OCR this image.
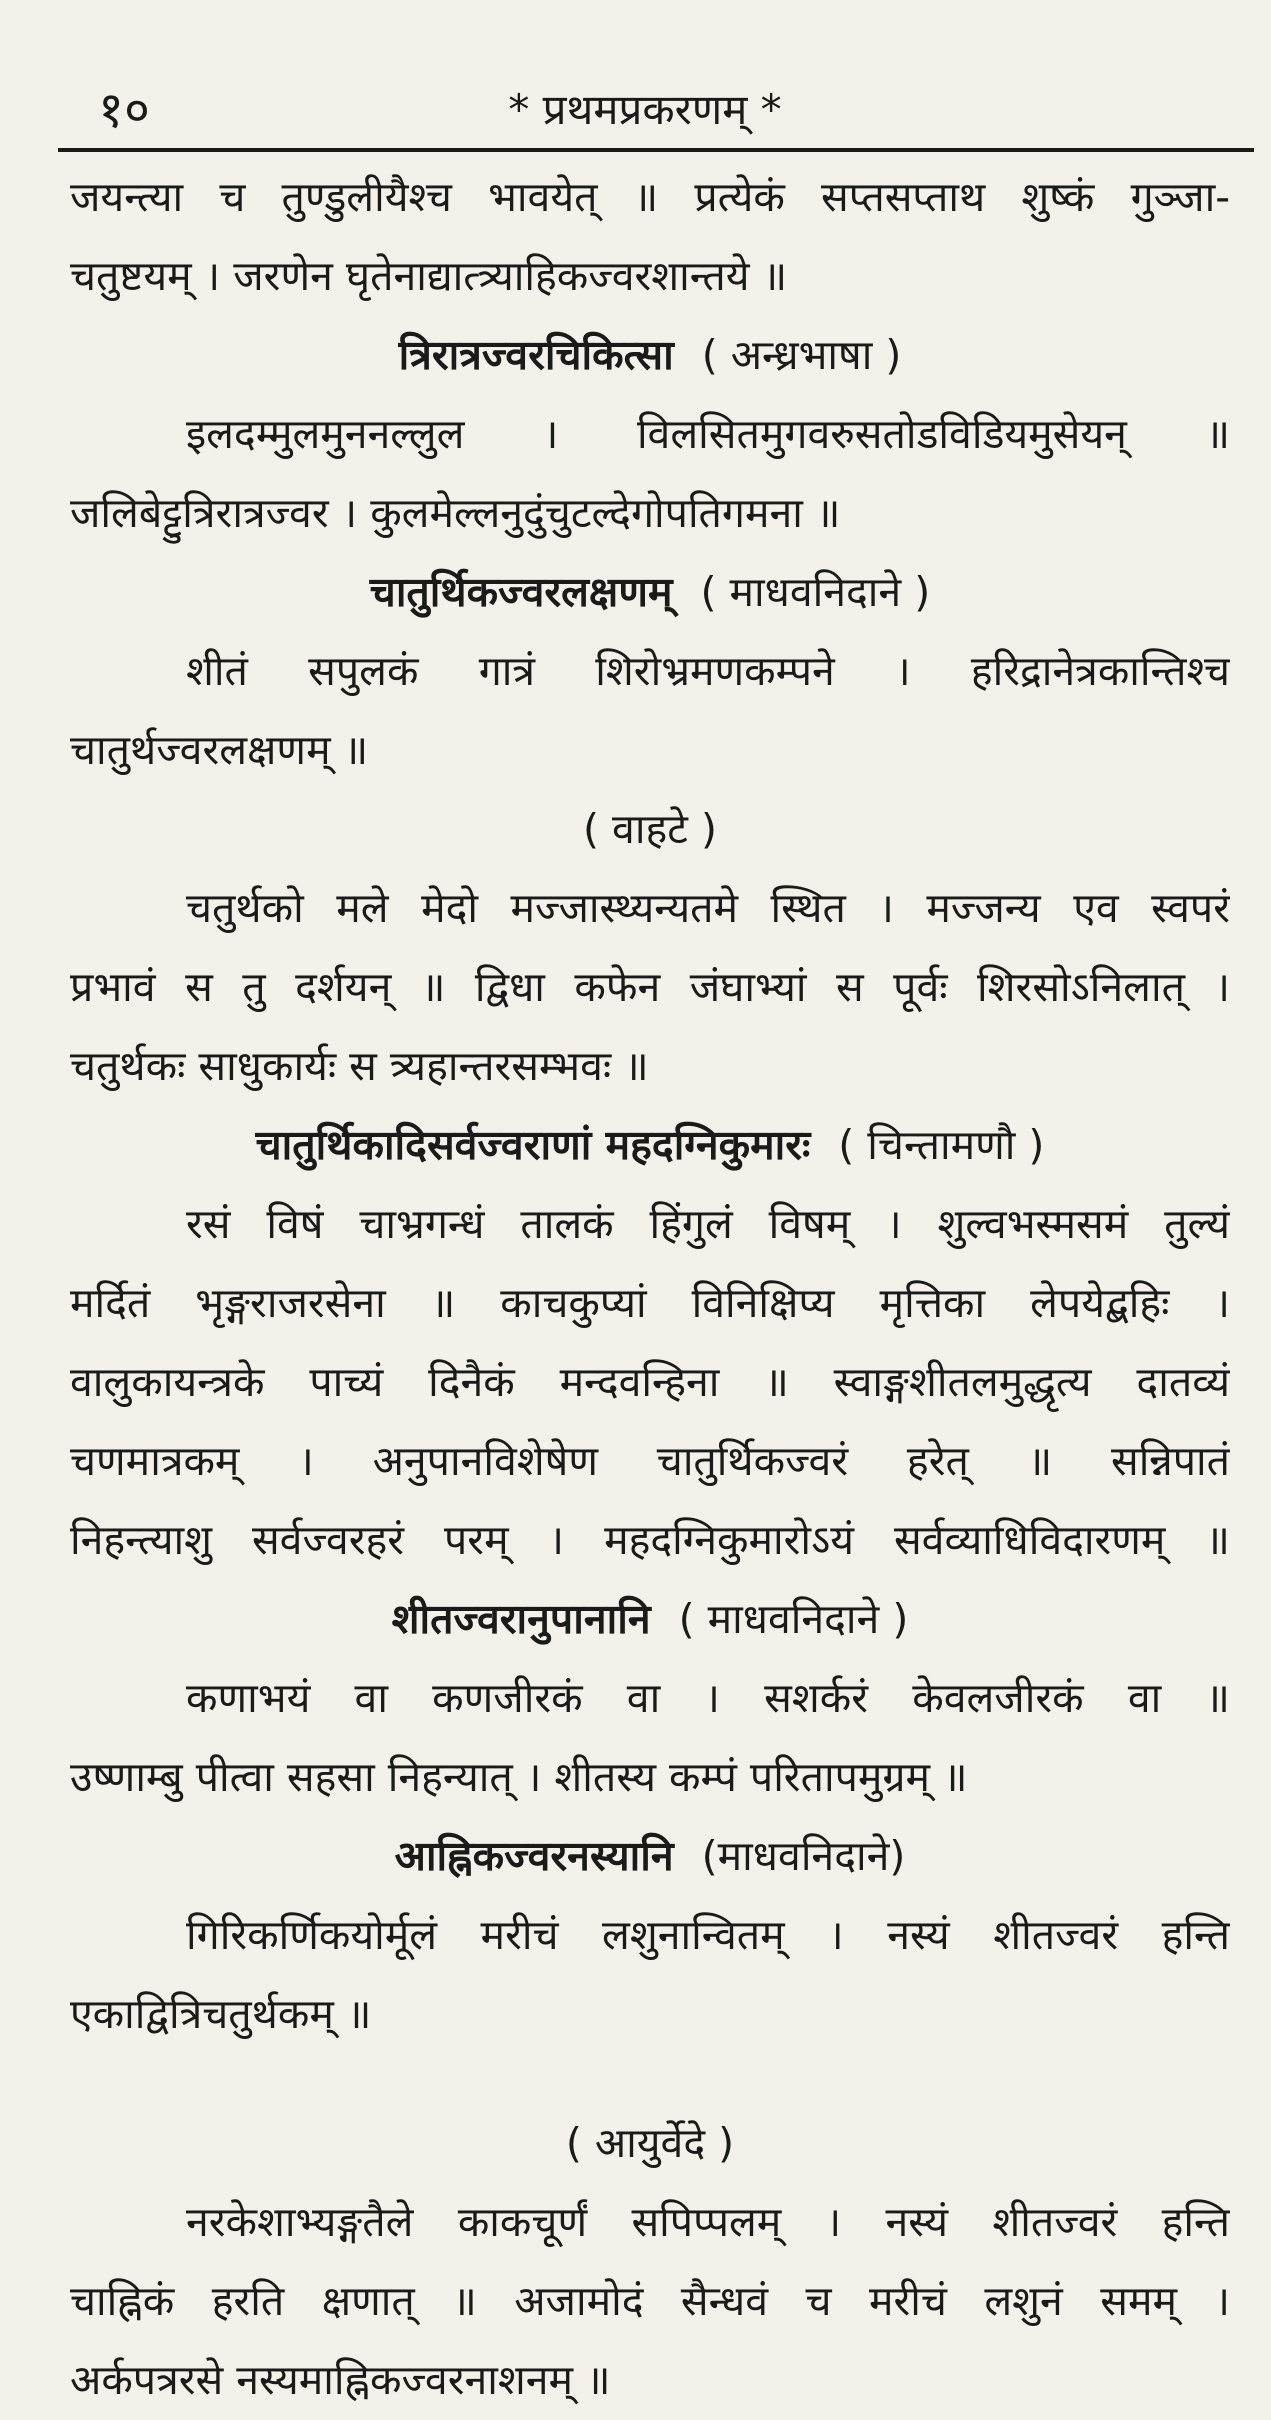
१०	* प्रथमप्रकरणम् *
जयन्त्या च तुण्डुलीयैश्च भावयेत् ॥ प्रत्येकं सप्तसप्ताथ शुष्कं गुञ्जा-
चतुष्टयम् । जरणेन घृतेनाद्यात्त्र्याहिकज्वरशान्तये ॥
त्रिरात्रज्वरचिकित्सा ( अन्ध्रभाषा )
इलदम्मुलमुननल्लुल । विलसितमुगवरुसतोडविडियमुसेयन् ॥
जलिबेट्टुत्रिरात्रज्वर । कुलमेल्लनुदुंचुटल्देगोपतिगमना ॥
चातुर्थिकज्वरलक्षणम् ( माधवनिदाने )
शीतं सपुलकं गात्रं शिरोभ्रमणकम्पने । हरिद्रानेत्रकान्तिश्च
चातुर्थज्वरलक्षणम् ॥
( वाहटे )
चतुर्थको मले मेदो मज्जास्थ्यन्यतमे स्थित । मज्जन्य एव स्वपरं
प्रभावं स तु दर्शयन् ॥ द्विधा कफेन जंघाभ्यां स पूर्वः शिरसोऽनिलात् ।
चतुर्थकः साधुकार्यः स त्र्यहान्तरसम्भवः ॥
चातुर्थिकादिसर्वज्वराणां महदग्निकुमारः ( चिन्तामणौ )
रसं विषं चाभ्रगन्धं तालकं हिंगुलं विषम् । शुल्वभस्मसमं तुल्यं
मर्दितं भृङ्गराजरसेना ॥ काचकुप्यां विनिक्षिप्य मृत्तिका लेपयेद्बहिः ।
वालुकायन्त्रके पाच्यं दिनैकं मन्दवन्हिना ॥ स्वाङ्गशीतलमुद्धृत्य दातव्यं
चणमात्रकम् । अनुपानविशेषेण चातुर्थिकज्वरं हरेत् ॥ सन्निपातं
निहन्त्याशु सर्वज्वरहरं परम् । महदग्निकुमारोऽयं सर्वव्याधिविदारणम् ॥
शीतज्वरानुपानानि ( माधवनिदाने )
कणाभयं वा कणजीरकं वा । सशर्करं केवलजीरकं वा ॥
उष्णाम्बु पीत्वा सहसा निहन्यात् । शीतस्य कम्पं परितापमुग्रम् ॥
आह्निकज्वरनस्यानि (माधवनिदाने)
गिरिकर्णिकयोर्मूलं मरीचं लशुनान्वितम् । नस्यं शीतज्वरं हन्ति
एकाद्वित्रिचतुर्थकम् ॥
( आयुर्वेदे )
नरकेशाभ्यङ्गतैले काकचूर्णं सपिप्पलम् । नस्यं शीतज्वरं हन्ति
चाह्निकं हरति क्षणात् ॥ अजामोदं सैन्धवं च मरीचं लशुनं समम् ।
अर्कपत्ररसे नस्यमाह्निकज्वरनाशनम् ॥
